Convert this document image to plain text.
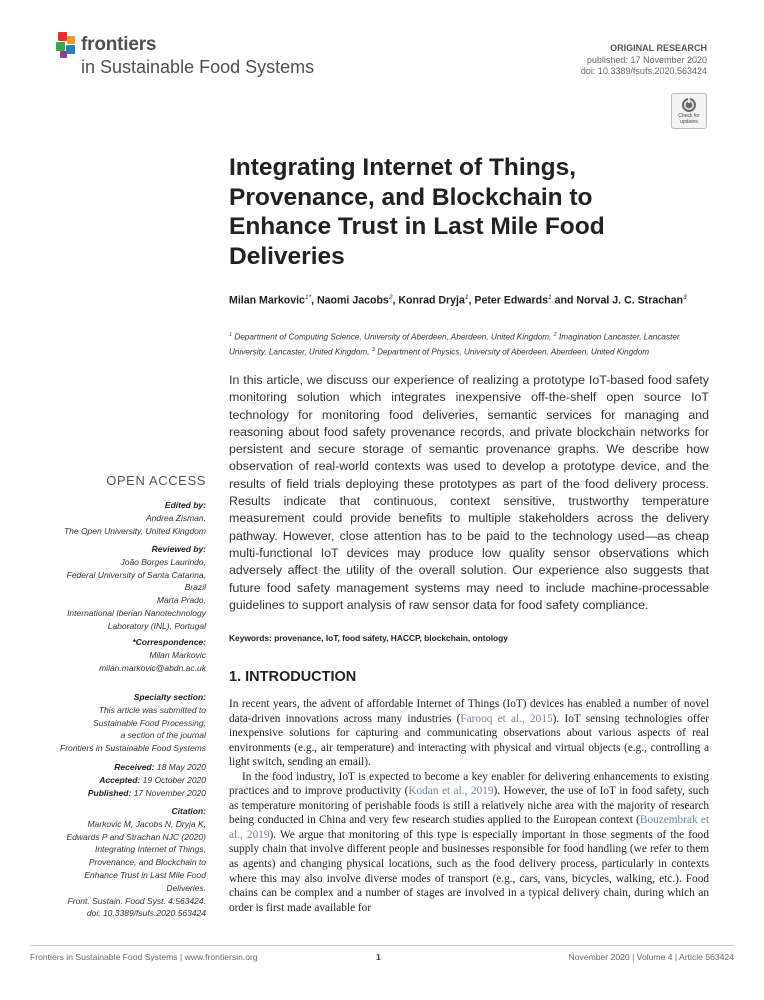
frontiers
in Sustainable Food Systems
ORIGINAL RESEARCH
published: 17 November 2020
doi: 10.3389/fsufs.2020.563424
Check for updates
Integrating Internet of Things, Provenance, and Blockchain to Enhance Trust in Last Mile Food Deliveries
Milan Markovic$^{1*}$, Naomi Jacobs$^2$, Konrad Dryja$^1$, Peter Edwards$^1$ and Norval J. C. Strachan$^3$
$^1$ Department of Computing Science, University of Aberdeen, Aberdeen, United Kingdom, $^2$ Imagination Lancaster, Lancaster University, Lancaster, United Kingdom, $^3$ Department of Physics, University of Aberdeen, Aberdeen, United Kingdom

In this article, we discuss our experience of realizing a prototype IoT-based food safety monitoring solution which integrates inexpensive off-the-shelf open source IoT technology for monitoring food deliveries, semantic services for managing and reasoning about food safety provenance records, and private blockchain networks for persistent and secure storage of semantic provenance graphs. We describe how observation of real-world contexts was used to develop a prototype device, and the results of field trials deploying these prototypes as part of the food delivery process. Results indicate that continuous, context sensitive, trustworthy temperature measurement could provide benefits to multiple stakeholders across the delivery pathway. However, close attention has to be paid to the technology used—as cheap multi-functional IoT devices may produce low quality sensor observations which adversely affect the utility of the overall solution. Our experience also suggests that future food safety management systems may need to include machine-processable guidelines to support analysis of raw sensor data for food safety compliance.

Keywords: provenance, IoT, food safety, HACCP, blockchain, ontology
1. INTRODUCTION

In recent years, the advent of affordable Internet of Things (IoT) devices has enabled a number of novel data-driven innovations across many industries (Farooq et al., 2015). IoT sensing technologies offer inexpensive solutions for capturing and communicating observations about various aspects of real environments (e.g., air temperature) and interacting with physical and virtual objects (e.g., controlling a light switch, sending an email).

In the food industry, IoT is expected to become a key enabler for delivering enhancements to existing practices and to improve productivity (Kodan et al., 2019). However, the use of IoT in food safety, such as temperature monitoring of perishable foods is still a relatively niche area with the majority of research being conducted in China and very few research studies applied to the European context (Bouzembrak et al., 2019). We argue that monitoring of this type is especially important in those segments of the food supply chain that involve different people and businesses responsible for food handling (we refer to them as agents) and changing physical locations, such as the food delivery process, particularly in contexts where this may also involve diverse modes of transport (e.g., cars, vans, bicycles, walking, etc.). Food chains can be complex and a number of stages are involved in a typical delivery chain, during which an order is first made available for

OPEN ACCESS
Edited by:
Andrea Zisman,
The Open University, United Kingdom
Reviewed by:
João Borges Laurindo,
Federal University of Santa Catarina,
Brazil
Marta Prado,
International Iberian Nanotechnology
Laboratory (INL), Portugal
*Correspondence:
Milan Markovic
milan.markovic@abdn.ac.uk
Specialty section:
This article was submitted to
Sustainable Food Processing,
a section of the journal
Frontiers in Sustainable Food Systems
Received: 18 May 2020
Accepted: 19 October 2020
Published: 17 November 2020
Citation:
Markovic M, Jacobs N, Dryja K,
Edwards P and Strachan NJC (2020)
Integrating Internet of Things,
Provenance, and Blockchain to
Enhance Trust in Last Mile Food
Deliveries.
Front. Sustain. Food Syst. 4:563424.
doi: 10.3389/fsufs.2020.563424
Frontiers in Sustainable Food Systems | www.frontiersin.org	1	November 2020 | Volume 4 | Article 563424
